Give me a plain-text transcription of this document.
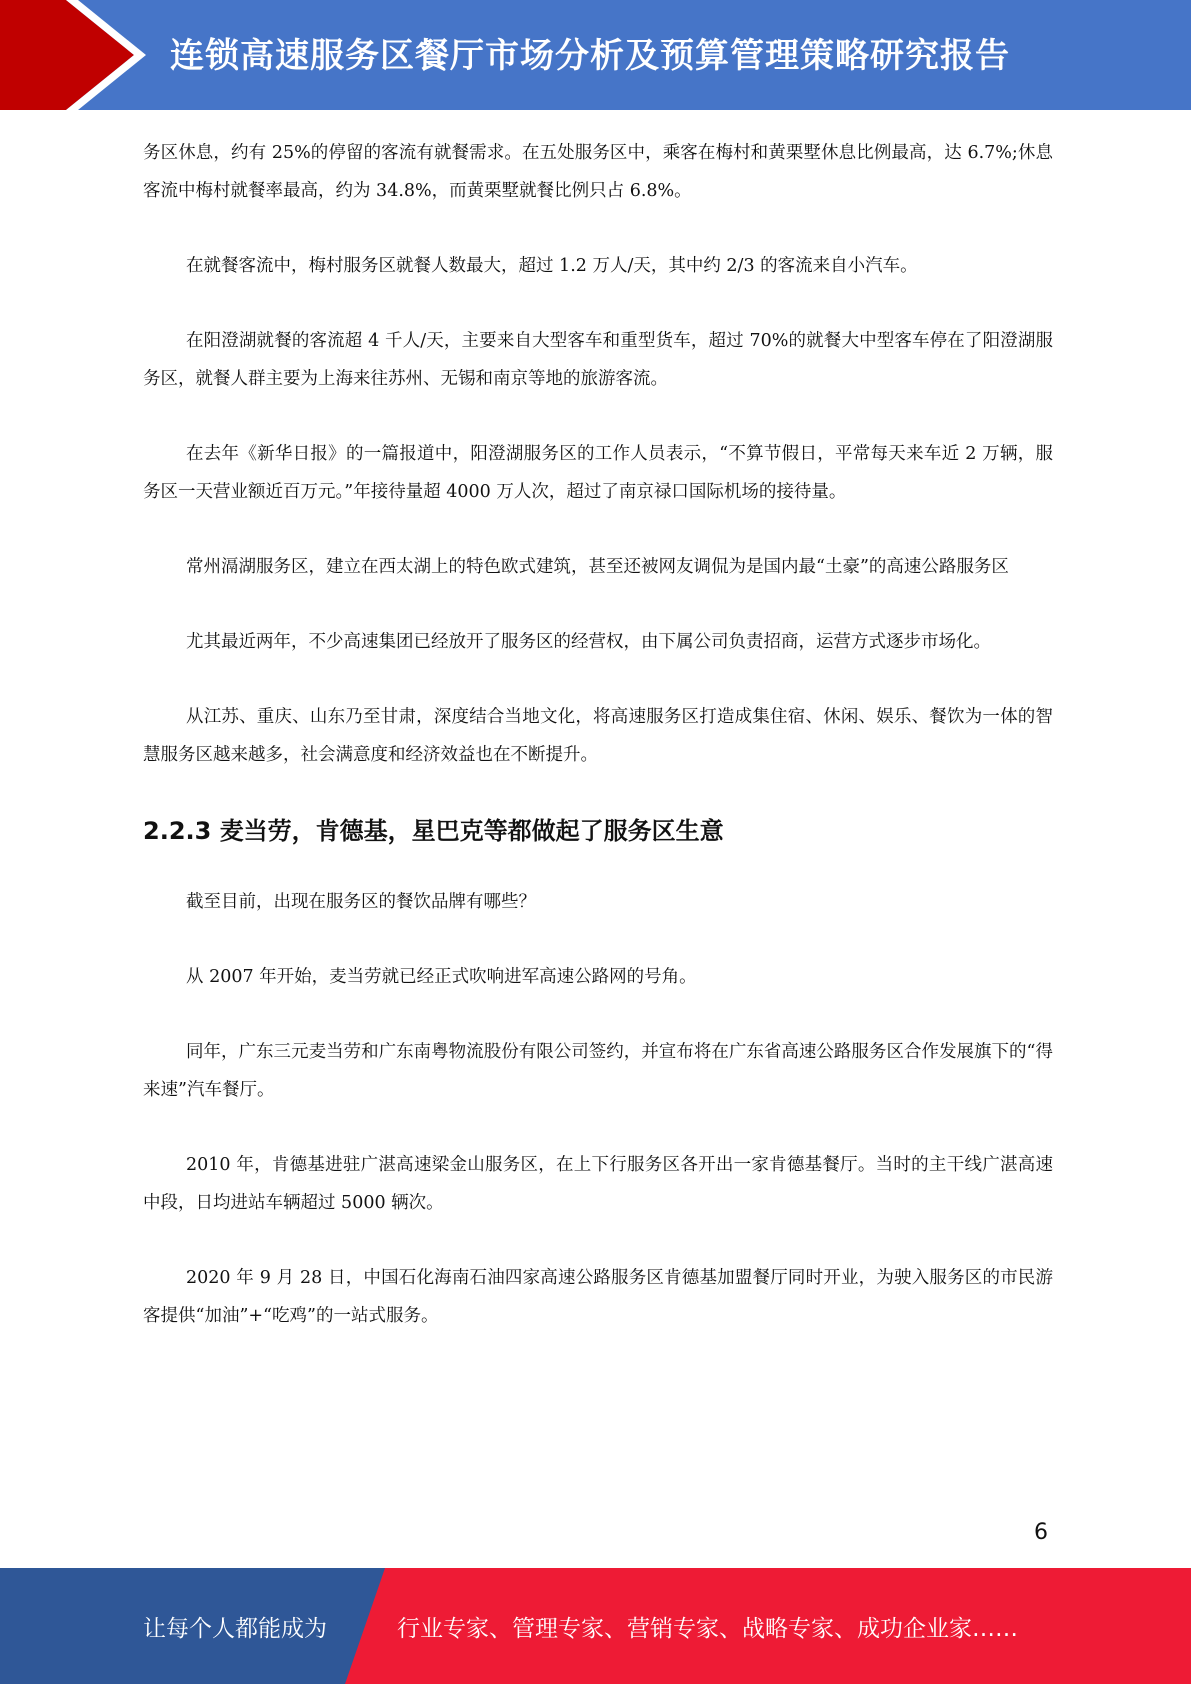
连锁高速服务区餐厅市场分析及预算管理策略研究报告

务区休息，约有 25%的停留的客流有就餐需求。在五处服务区中，乘客在梅村和黄栗墅休息比例最高，达 6.7%;休息客流中梅村就餐率最高，约为 34.8%，而黄栗墅就餐比例只占 6.8%。

在就餐客流中，梅村服务区就餐人数最大，超过 1.2 万人/天，其中约 2/3 的客流来自小汽车。

在阳澄湖就餐的客流超 4 千人/天，主要来自大型客车和重型货车，超过 70%的就餐大中型客车停在了阳澄湖服务区，就餐人群主要为上海来往苏州、无锡和南京等地的旅游客流。

在去年《新华日报》的一篇报道中，阳澄湖服务区的工作人员表示，“不算节假日，平常每天来车近 2 万辆，服务区一天营业额近百万元。”年接待量超 4000 万人次，超过了南京禄口国际机场的接待量。

常州滆湖服务区，建立在西太湖上的特色欧式建筑，甚至还被网友调侃为是国内最“土豪”的高速公路服务区

尤其最近两年，不少高速集团已经放开了服务区的经营权，由下属公司负责招商，运营方式逐步市场化。

从江苏、重庆、山东乃至甘肃，深度结合当地文化，将高速服务区打造成集住宿、休闲、娱乐、餐饮为一体的智慧服务区越来越多，社会满意度和经济效益也在不断提升。

2.2.3 麦当劳，肯德基，星巴克等都做起了服务区生意

截至目前，出现在服务区的餐饮品牌有哪些？

从 2007 年开始，麦当劳就已经正式吹响进军高速公路网的号角。

同年，广东三元麦当劳和广东南粤物流股份有限公司签约，并宣布将在广东省高速公路服务区合作发展旗下的“得来速”汽车餐厅。

2010 年，肯德基进驻广湛高速梁金山服务区，在上下行服务区各开出一家肯德基餐厅。当时的主干线广湛高速中段，日均进站车辆超过 5000 辆次。

2020 年 9 月 28 日，中国石化海南石油四家高速公路服务区肯德基加盟餐厅同时开业，为驶入服务区的市民游客提供“加油”+“吃鸡”的一站式服务。

6
让每个人都能成为	行业专家、管理专家、营销专家、战略专家、成功企业家……
